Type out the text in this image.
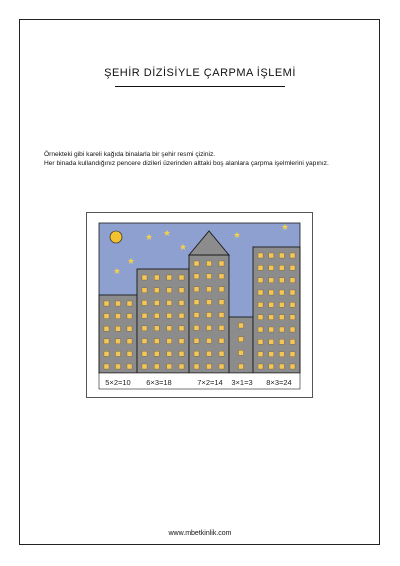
ŞEHİR DİZİSİYLE ÇARPMA İŞLEMİ

Örnekteki gibi kareli kağıda binalarla bir şehir resmi çiziniz.

Her binada kullandığınız pencere dizileri üzerinden alttaki boş alanlara çarpma işelmlerini yapınız.

5×2=10 6×3=18	7×2=14 3×1=3 8×3=24
www.mbetkinlik.com
